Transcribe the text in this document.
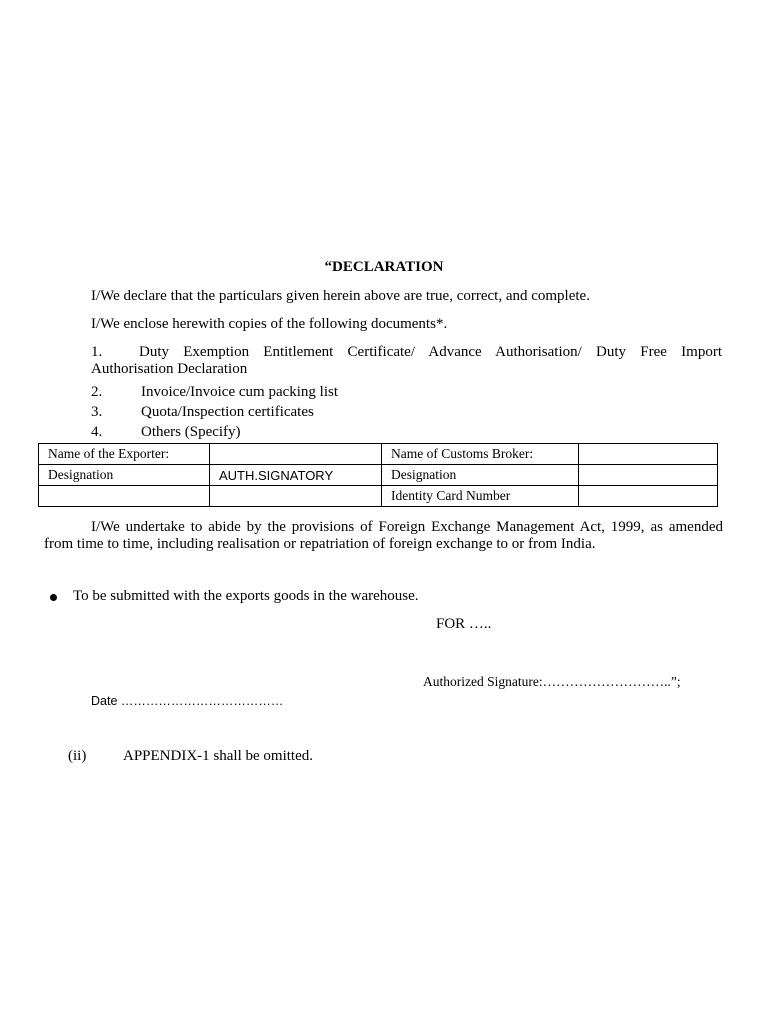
“DECLARATION
I/We declare that the particulars given herein above are true, correct, and complete.
I/We enclose herewith copies of the following documents*.
1.	Duty Exemption Entitlement Certificate/ Advance Authorisation/ Duty Free Import
Authorisation Declaration
2.	Invoice/Invoice cum packing list
3.	Quota/Inspection certificates
4.	Others (Specify)
Name of the Exporter:		Name of Customs Broker:	
Designation	AUTH.SIGNATORY	Designation	
		Identity Card Number	
I/We undertake to abide by the provisions of Foreign Exchange Management Act, 1999, as amended from time to time, including realisation or repatriation of foreign exchange to or from India.
To be submitted with the exports goods in the warehouse.
FOR …..
Authorized Signature:………………………..”;
Date …………………………………
(ii) APPENDIX-1 shall be omitted.
